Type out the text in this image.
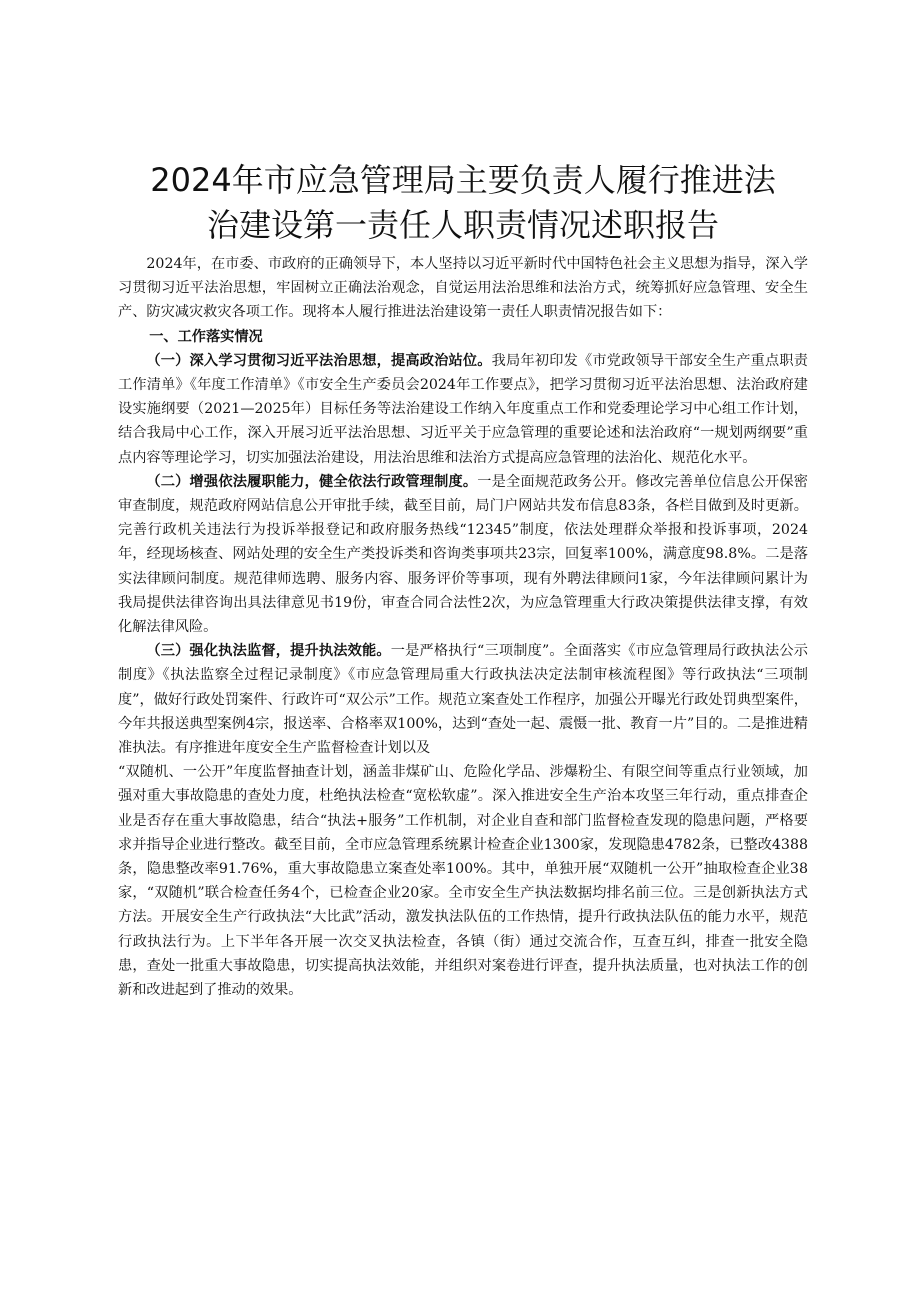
2024年市应急管理局主要负责人履行推进法
治建设第一责任人职责情况述职报告

2024年，在市委、市政府的正确领导下，本人坚持以习近平新时代中国特色社会主义思想为指导，深入学习贯彻习近平法治思想，牢固树立正确法治观念，自觉运用法治思维和法治方式，统筹抓好应急管理、安全生产、防灾减灾救灾各项工作。现将本人履行推进法治建设第一责任人职责情况报告如下：

一、工作落实情况

（一）深入学习贯彻习近平法治思想，提高政治站位。我局年初印发《市党政领导干部安全生产重点职责工作清单》《年度工作清单》《市安全生产委员会2024年工作要点》，把学习贯彻习近平法治思想、法治政府建设实施纲要（2021—2025年）目标任务等法治建设工作纳入年度重点工作和党委理论学习中心组工作计划，结合我局中心工作，深入开展习近平法治思想、习近平关于应急管理的重要论述和法治政府“一规划两纲要”重点内容等理论学习，切实加强法治建设，用法治思维和法治方式提高应急管理的法治化、规范化水平。

（二）增强依法履职能力，健全依法行政管理制度。一是全面规范政务公开。修改完善单位信息公开保密审查制度，规范政府网站信息公开审批手续，截至目前，局门户网站共发布信息83条，各栏目做到及时更新。完善行政机关违法行为投诉举报登记和政府服务热线“12345”制度，依法处理群众举报和投诉事项，2024年，经现场核查、网站处理的安全生产类投诉类和咨询类事项共23宗，回复率100%，满意度98.8%。二是落实法律顾问制度。规范律师选聘、服务内容、服务评价等事项，现有外聘法律顾问1家，今年法律顾问累计为我局提供法律咨询出具法律意见书19份，审查合同合法性2次，为应急管理重大行政决策提供法律支撑，有效化解法律风险。

（三）强化执法监督，提升执法效能。一是严格执行“三项制度”。全面落实《市应急管理局行政执法公示制度》《执法监察全过程记录制度》《市应急管理局重大行政执法决定法制审核流程图》等行政执法“三项制度”，做好行政处罚案件、行政许可“双公示”工作。规范立案查处工作程序，加强公开曝光行政处罚典型案件，今年共报送典型案例4宗，报送率、合格率双100%，达到“查处一起、震慑一批、教育一片”目的。二是推进精准执法。有序推进年度安全生产监督检查计划以及

“双随机、一公开”年度监督抽查计划，涵盖非煤矿山、危险化学品、涉爆粉尘、有限空间等重点行业领域，加强对重大事故隐患的查处力度，杜绝执法检查“宽松软虚”。深入推进安全生产治本攻坚三年行动，重点排查企业是否存在重大事故隐患，结合“执法+服务”工作机制，对企业自查和部门监督检查发现的隐患问题，严格要求并指导企业进行整改。截至目前，全市应急管理系统累计检查企业1300家，发现隐患4782条，已整改4388条，隐患整改率91.76%，重大事故隐患立案查处率100%。其中，单独开展“双随机一公开”抽取检查企业38家，“双随机”联合检查任务4个，已检查企业20家。全市安全生产执法数据均排名前三位。三是创新执法方式方法。开展安全生产行政执法“大比武”活动，激发执法队伍的工作热情，提升行政执法队伍的能力水平，规范行政执法行为。上下半年各开展一次交叉执法检查，各镇（街）通过交流合作，互查互纠，排查一批安全隐患，查处一批重大事故隐患，切实提高执法效能，并组织对案卷进行评查，提升执法质量，也对执法工作的创新和改进起到了推动的效果。
